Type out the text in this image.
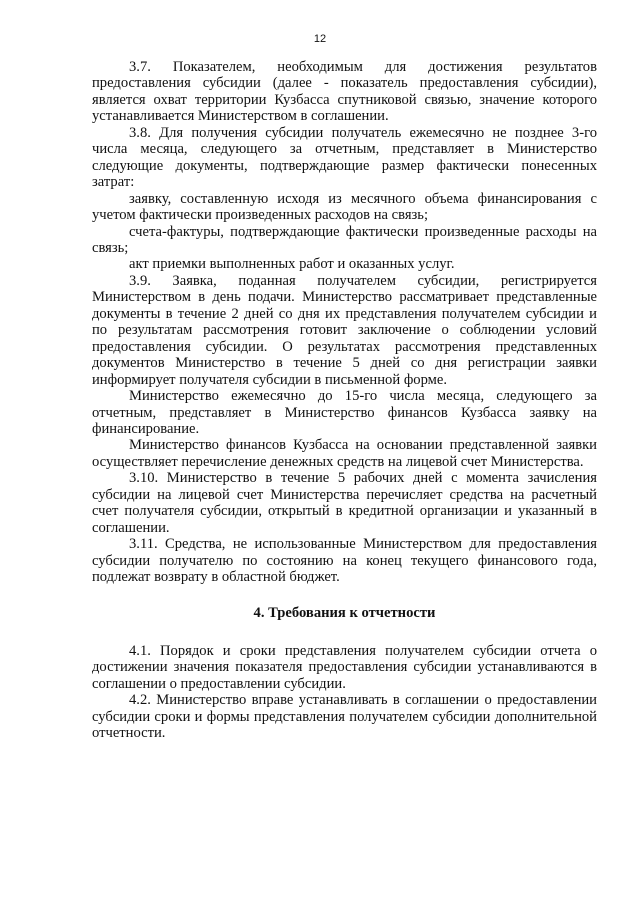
12

3.7. Показателем, необходимым для достижения результатов предоставления субсидии (далее - показатель предоставления субсидии), является охват территории Кузбасса спутниковой связью, значение которого устанавливается Министерством в соглашении.

3.8. Для получения субсидии получатель ежемесячно не позднее 3-го числа месяца, следующего за отчетным, представляет в Министерство следующие документы, подтверждающие размер фактически понесенных затрат:

заявку, составленную исходя из месячного объема финансирования с учетом фактически произведенных расходов на связь;

счета-фактуры, подтверждающие фактически произведенные расходы на связь;

акт приемки выполненных работ и оказанных услуг.

3.9. Заявка, поданная получателем субсидии, регистрируется Министерством в день подачи. Министерство рассматривает представленные документы в течение 2 дней со дня их представления получателем субсидии и по результатам рассмотрения готовит заключение о соблюдении условий предоставления субсидии. О результатах рассмотрения представленных документов Министерство в течение 5 дней со дня регистрации заявки информирует получателя субсидии в письменной форме.

Министерство ежемесячно до 15-го числа месяца, следующего за отчетным, представляет в Министерство финансов Кузбасса заявку на финансирование.

Министерство финансов Кузбасса на основании представленной заявки осуществляет перечисление денежных средств на лицевой счет Министерства.

3.10. Министерство в течение 5 рабочих дней с момента зачисления субсидии на лицевой счет Министерства перечисляет средства на расчетный счет получателя субсидии, открытый в кредитной организации и указанный в соглашении.

3.11. Средства, не использованные Министерством для предоставления субсидии получателю по состоянию на конец текущего финансового года, подлежат возврату в областной бюджет.

4. Требования к отчетности

4.1. Порядок и сроки представления получателем субсидии отчета о достижении значения показателя предоставления субсидии устанавливаются в соглашении о предоставлении субсидии.

4.2. Министерство вправе устанавливать в соглашении о предоставлении субсидии сроки и формы представления получателем субсидии дополнительной отчетности.
